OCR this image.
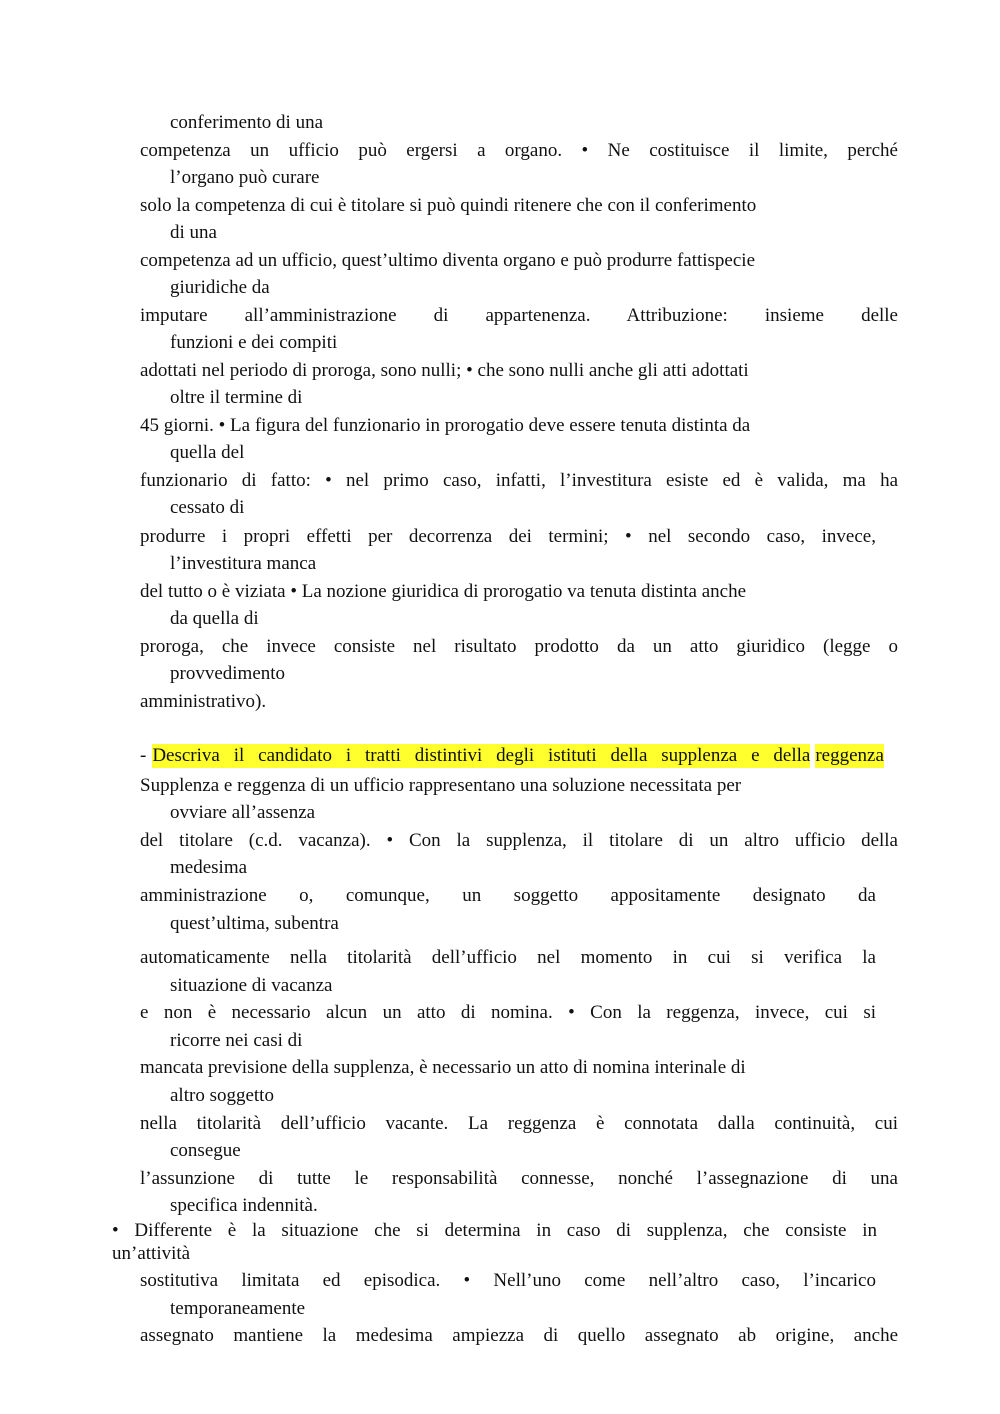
conferimento di una
competenza un ufficio può ergersi a organo. • Ne costituisce il limite, perché
l’organo può curare
solo la competenza di cui è titolare si può quindi ritenere che con il conferimento
di una
competenza ad un ufficio, quest’ultimo diventa organo e può produrre fattispecie
giuridiche da
imputare all’amministrazione di appartenenza. Attribuzione: insieme delle
funzioni e dei compiti
adottati nel periodo di proroga, sono nulli; • che sono nulli anche gli atti adottati
oltre il termine di
45 giorni. • La figura del funzionario in prorogatio deve essere tenuta distinta da
quella del
funzionario di fatto: • nel primo caso, infatti, l’investitura esiste ed è valida, ma ha
cessato di
produrre i propri effetti per decorrenza dei termini; • nel secondo caso, invece,
l’investitura manca
del tutto o è viziata • La nozione giuridica di prorogatio va tenuta distinta anche
da quella di
proroga, che invece consiste nel risultato prodotto da un atto giuridico (legge o
provvedimento
amministrativo).
- Descriva il candidato i tratti distintivi degli istituti della supplenza e della reggenza
Supplenza e reggenza di un ufficio rappresentano una soluzione necessitata per
ovviare all’assenza
del titolare (c.d. vacanza). • Con la supplenza, il titolare di un altro ufficio della
medesima
amministrazione o, comunque, un soggetto appositamente designato da
quest’ultima, subentra
automaticamente nella titolarità dell’ufficio nel momento in cui si verifica la
situazione di vacanza
e non è necessario alcun un atto di nomina. • Con la reggenza, invece, cui si
ricorre nei casi di
mancata previsione della supplenza, è necessario un atto di nomina interinale di
altro soggetto
nella titolarità dell’ufficio vacante. La reggenza è connotata dalla continuità, cui
consegue
l’assunzione di tutte le responsabilità connesse, nonché l’assegnazione di una
specifica indennità.
• Differente è la situazione che si determina in caso di supplenza, che consiste in
un’attività
sostitutiva limitata ed episodica. • Nell’uno come nell’altro caso, l’incarico
temporaneamente
assegnato mantiene la medesima ampiezza di quello assegnato ab origine, anche
